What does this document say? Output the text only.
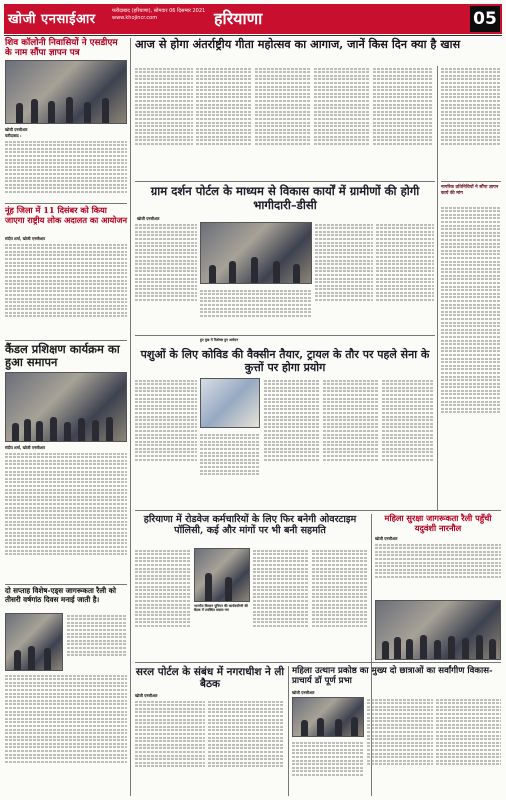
खोजी एनसाईआर
फरीदाबाद (हरियाणा), सोमवार 06 दिसम्बर 2021
www.khojincr.com	हरियाणा	05
शिव कॉलोनी निवासियों ने एसडीएम के नाम सौंपा ज्ञापन पत्र
खोजी एनसीआर
फरीदाबाद :
नूंह जिला में 11 दिसंबर को किया जाएगा राष्ट्रीय लोक अदालत का आयोजन
संदीप शर्मा, खोजी एनसीआर
कैंडल प्रशिक्षण कार्यक्रम का हुआ समापन
संदीप शर्मा, खोजी एनसीआर
दो सप्ताह विशेष-एड्स जागरूकता रैली को तीसरी वर्षगांठ दिवस मनाई जाती है।
आज से होगा अंतर्राष्ट्रीय गीता महोत्सव का आगाज, जानें किस दिन क्या है खास
ग्राम दर्शन पोर्टल के माध्यम से विकास कार्यों में ग्रामीणों की होगी भागीदारी–डीसी
खोजी एनसीआर
नागरिक प्रतिनिधियों ने सौंपा ज्ञापन कार्य की मांग
हुए दुख में विशेषज्ञ हुए आवेदन
पशुओं के लिए कोविड की वैक्सीन तैयार, ट्रायल के तौर पर पहले सेना के कुत्तों पर होगा प्रयोग
हरियाणा में रोडवेज कर्मचारियों के लिए फिर बनेगी ओवरटाइम पॉलिसी, कई और मांगों पर भी बनी सहमति
भारतीय किसान यूनियन की कार्यकारिणी की बैठक में उपस्थित सदस्य गण
महिला सुरक्षा जागरूकता रैली पहुँची यदुवंशी नारनौल
खोजी एनसीआर
सरल पोर्टल के संबंध में नगराधीश ने ली बैठक
खोजी एनसीआर
महिला उत्थान प्रकोष्ठ का मुख्य दो छात्राओं का सर्वांगीण विकास- प्राचार्य डॉ पूर्ण प्रभा
खोजी एनसीआर
